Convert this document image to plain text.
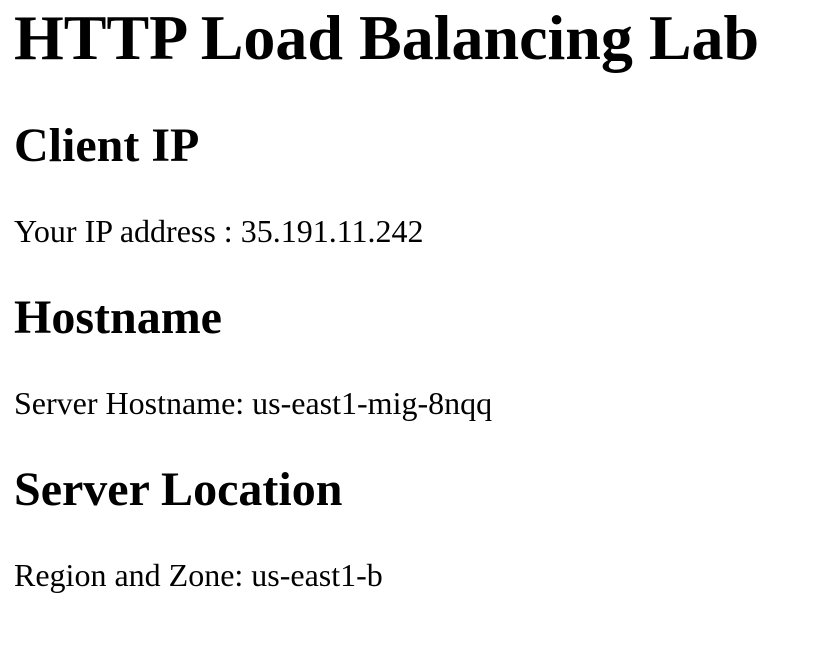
HTTP Load Balancing Lab
Client IP

Your IP address : 35.191.11.242

Hostname

Server Hostname: us-east1-mig-8nqq

Server Location

Region and Zone: us-east1-b
